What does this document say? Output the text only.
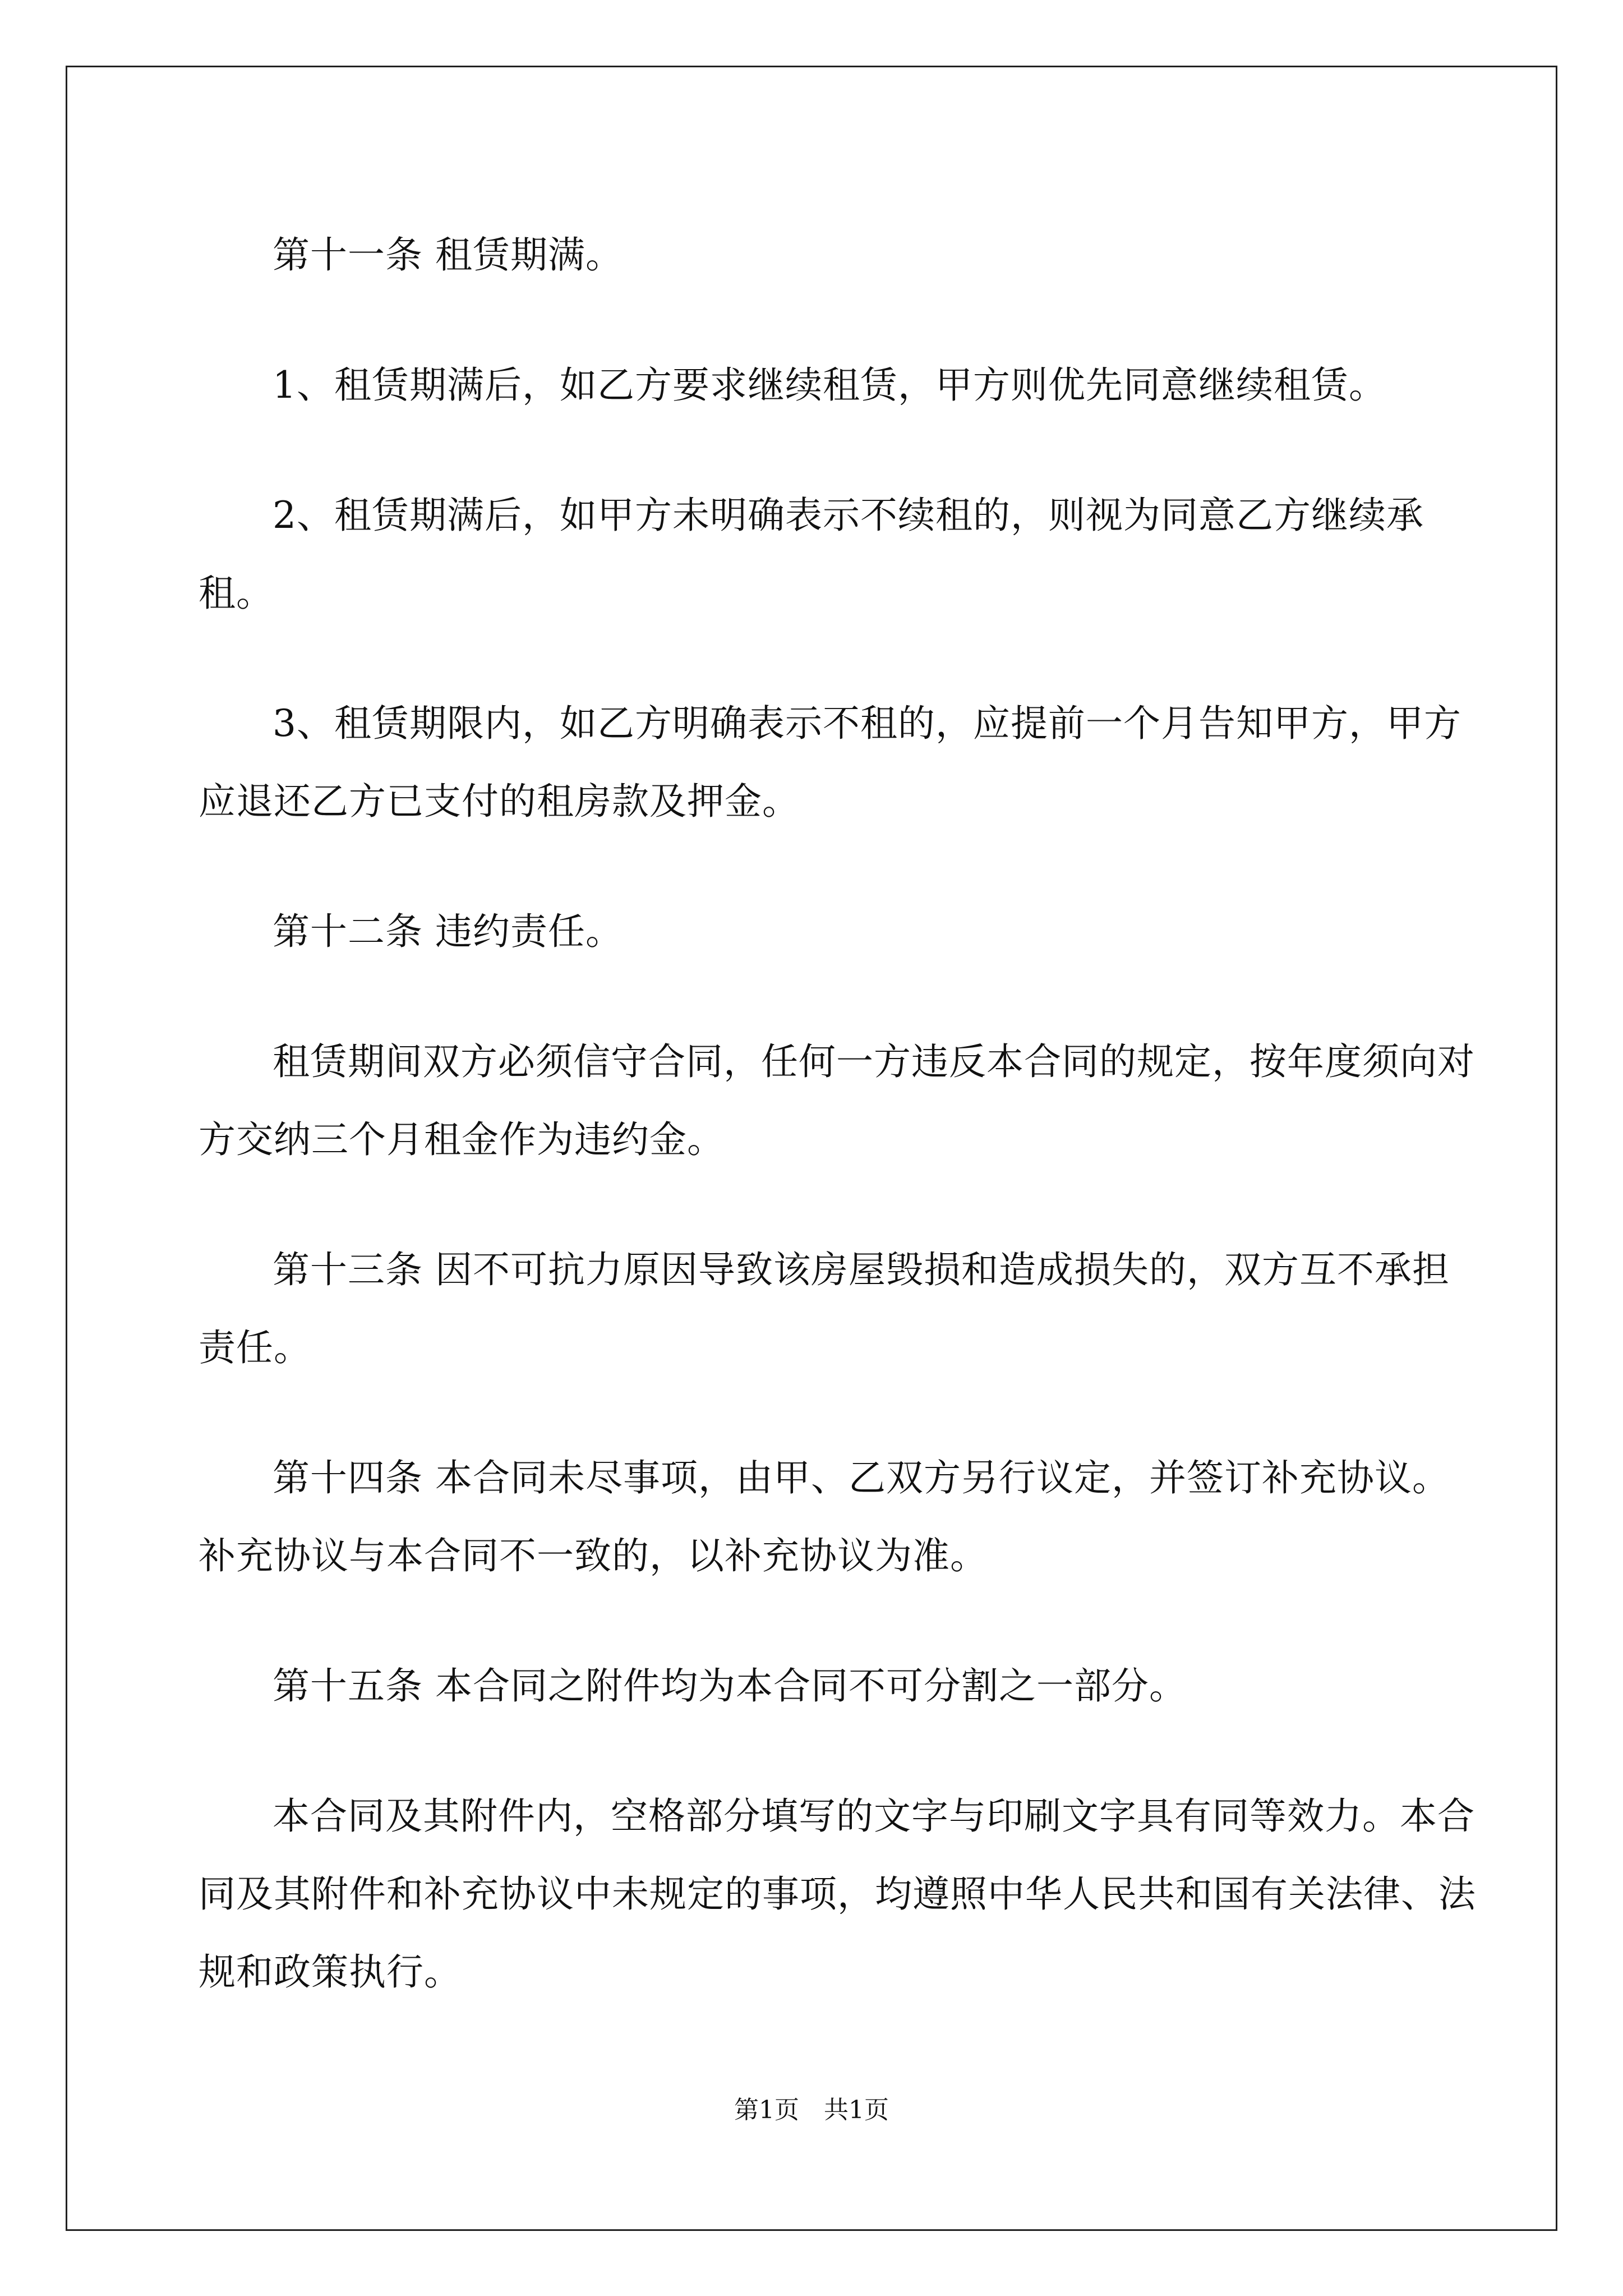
第十一条 租赁期满。

1、租赁期满后，如乙方要求继续租赁，甲方则优先同意继续租赁。

2、租赁期满后，如甲方未明确表示不续租的，则视为同意乙方继续承租。

3、租赁期限内，如乙方明确表示不租的，应提前一个月告知甲方，甲方应退还乙方已支付的租房款及押金。

第十二条 违约责任。

租赁期间双方必须信守合同，任何一方违反本合同的规定，按年度须向对方交纳三个月租金作为违约金。

第十三条 因不可抗力原因导致该房屋毁损和造成损失的，双方互不承担责任。

第十四条 本合同未尽事项，由甲、乙双方另行议定，并签订补充协议。补充协议与本合同不一致的，以补充协议为准。

第十五条 本合同之附件均为本合同不可分割之一部分。

本合同及其附件内，空格部分填写的文字与印刷文字具有同等效力。本合同及其附件和补充协议中未规定的事项，均遵照中华人民共和国有关法律、法规和政策执行。

第1页　共1页
